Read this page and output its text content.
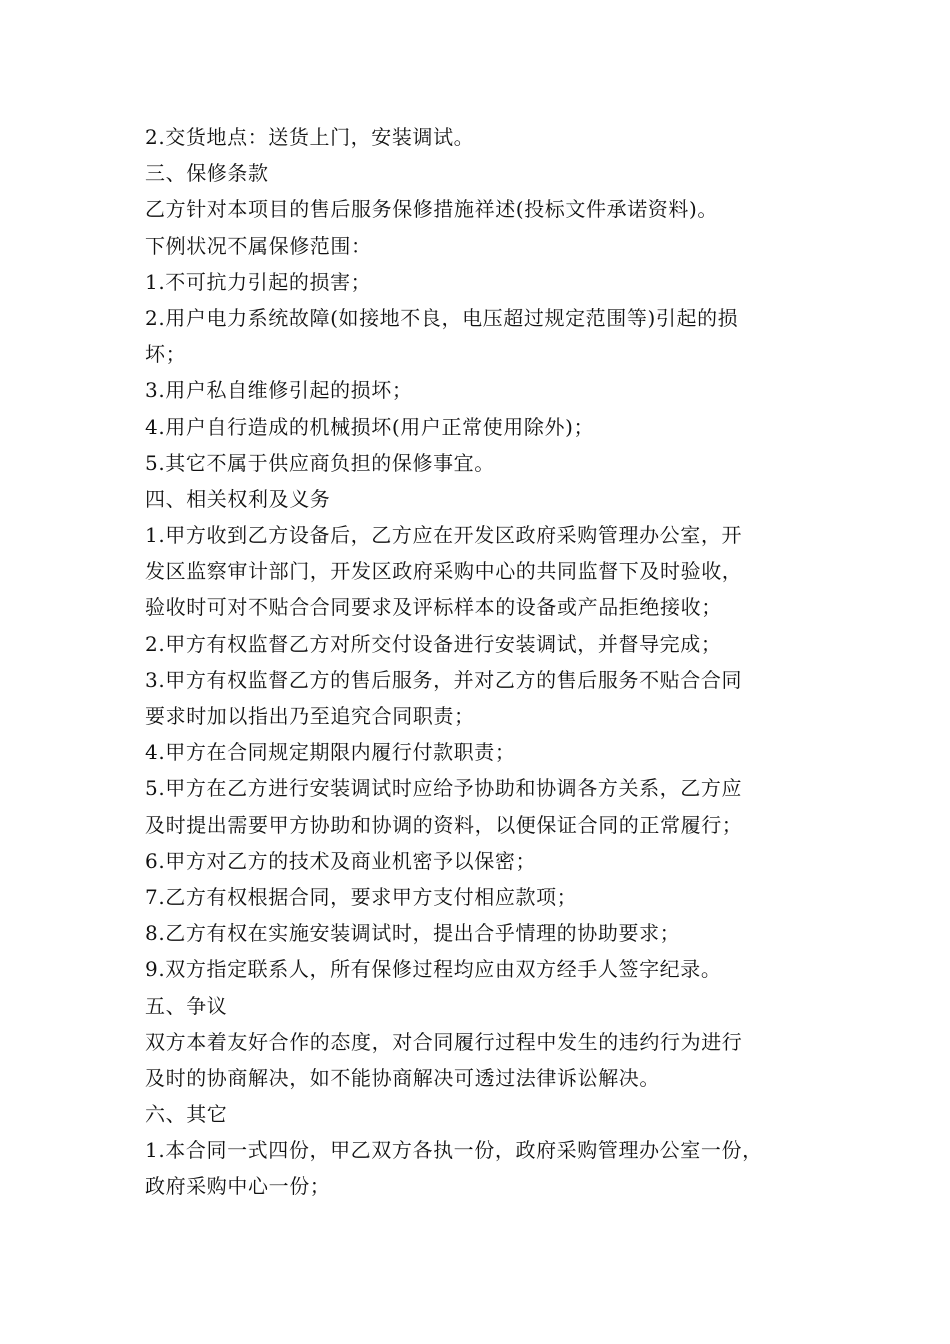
2.交货地点：送货上门，安装调试。
三、保修条款
乙方针对本项目的售后服务保修措施祥述(投标文件承诺资料)。
下例状况不属保修范围：
1.不可抗力引起的损害；
2.用户电力系统故障(如接地不良，电压超过规定范围等)引起的损
坏；
3.用户私自维修引起的损坏；
4.用户自行造成的机械损坏(用户正常使用除外)；
5.其它不属于供应商负担的保修事宜。
四、相关权利及义务
1.甲方收到乙方设备后，乙方应在开发区政府采购管理办公室，开
发区监察审计部门，开发区政府采购中心的共同监督下及时验收，
验收时可对不贴合合同要求及评标样本的设备或产品拒绝接收；
2.甲方有权监督乙方对所交付设备进行安装调试，并督导完成；
3.甲方有权监督乙方的售后服务，并对乙方的售后服务不贴合合同
要求时加以指出乃至追究合同职责；
4.甲方在合同规定期限内履行付款职责；
5.甲方在乙方进行安装调试时应给予协助和协调各方关系，乙方应
及时提出需要甲方协助和协调的资料，以便保证合同的正常履行；
6.甲方对乙方的技术及商业机密予以保密；
7.乙方有权根据合同，要求甲方支付相应款项；
8.乙方有权在实施安装调试时，提出合乎情理的协助要求；
9.双方指定联系人，所有保修过程均应由双方经手人签字纪录。
五、争议
双方本着友好合作的态度，对合同履行过程中发生的违约行为进行
及时的协商解决，如不能协商解决可透过法律诉讼解决。
六、其它
1.本合同一式四份，甲乙双方各执一份，政府采购管理办公室一份，
政府采购中心一份；
